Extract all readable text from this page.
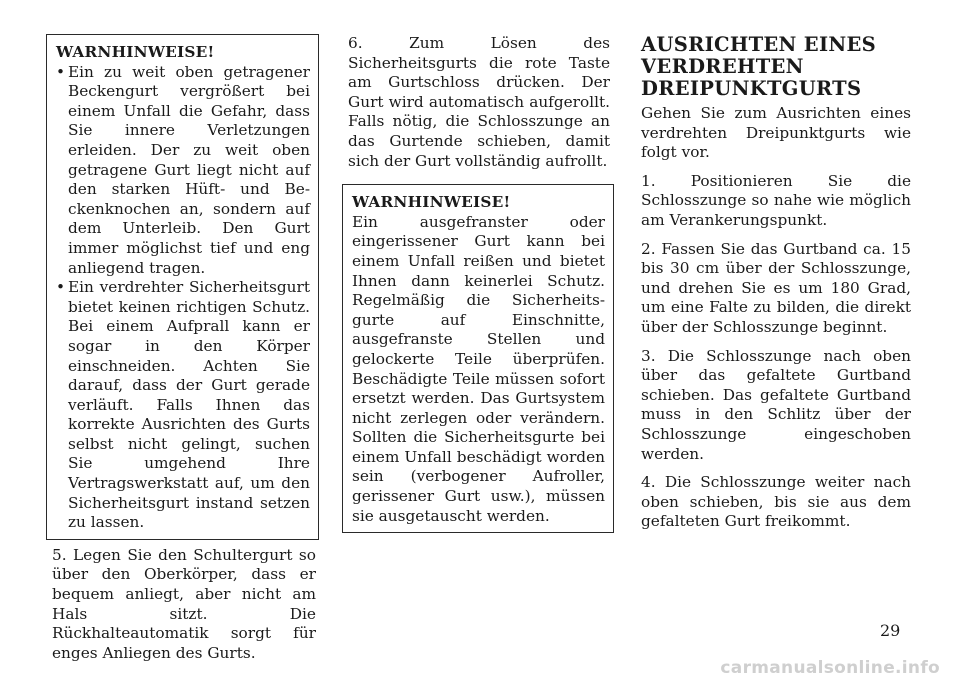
WARNHINWEISE!
• Ein zu weit oben getragener Beckengurt vergrößert bei einem Unfall die Gefahr, dass Sie innere Verletzungen erleiden. Der zu weit oben getragene Gurt liegt nicht auf den starken Hüft- und Beckenknochen an, sondern auf dem Unterleib. Den Gurt immer möglichst tief und eng anliegend tragen.
• Ein verdrehter Sicherheitsgurt bietet keinen richtigen Schutz. Bei einem Aufprall kann er sogar in den Körper einschneiden. Achten Sie darauf, dass der Gurt gerade verläuft. Falls Ihnen das korrekte Ausrichten des Gurts selbst nicht gelingt, suchen Sie umgehend Ihre Vertragswerkstatt auf, um den Sicherheitsgurt instand setzen zu lassen.

5. Legen Sie den Schultergurt so über den Oberkörper, dass er bequem anliegt, aber nicht am Hals sitzt. Die Rückhalteautomatik sorgt für enges Anliegen des Gurts.

6. Zum Lösen des Sicherheitsgurts die rote Taste am Gurtschloss drücken. Der Gurt wird automatisch aufgerollt. Falls nötig, die Schlosszunge an das Gurtende schieben, damit sich der Gurt vollständig aufrollt.

WARNHINWEISE!

Ein ausgefranster oder eingerissener Gurt kann bei einem Unfall reißen und bietet Ihnen dann keinerlei Schutz. Regelmäßig die Sicherheitsgurte auf Einschnitte, ausgefranste Stellen und gelockerte Teile überprüfen. Beschädigte Teile müssen sofort ersetzt werden. Das Gurtsystem nicht zerlegen oder verändern. Sollten die Sicherheitsgurte bei einem Unfall beschädigt worden sein (verbogener Aufroller, gerissener Gurt usw.), müssen sie ausgetauscht werden.

AUSRICHTEN EINES
VERDREHTEN
DREIPUNKTGURTS

Gehen Sie zum Ausrichten eines verdrehten Dreipunktgurts wie folgt vor.

1. Positionieren Sie die Schlosszunge so nahe wie möglich am Verankerungspunkt.

2. Fassen Sie das Gurtband ca. 15 bis 30 cm über der Schlosszunge, und drehen Sie es um 180 Grad, um eine Falte zu bilden, die direkt über der Schlosszunge beginnt.

3. Die Schlosszunge nach oben über das gefaltete Gurtband schieben. Das gefaltete Gurtband muss in den Schlitz über der Schlosszunge eingeschoben werden.

4. Die Schlosszunge weiter nach oben schieben, bis sie aus dem gefalteten Gurt freikommt.

29
carmanualsonline.info
